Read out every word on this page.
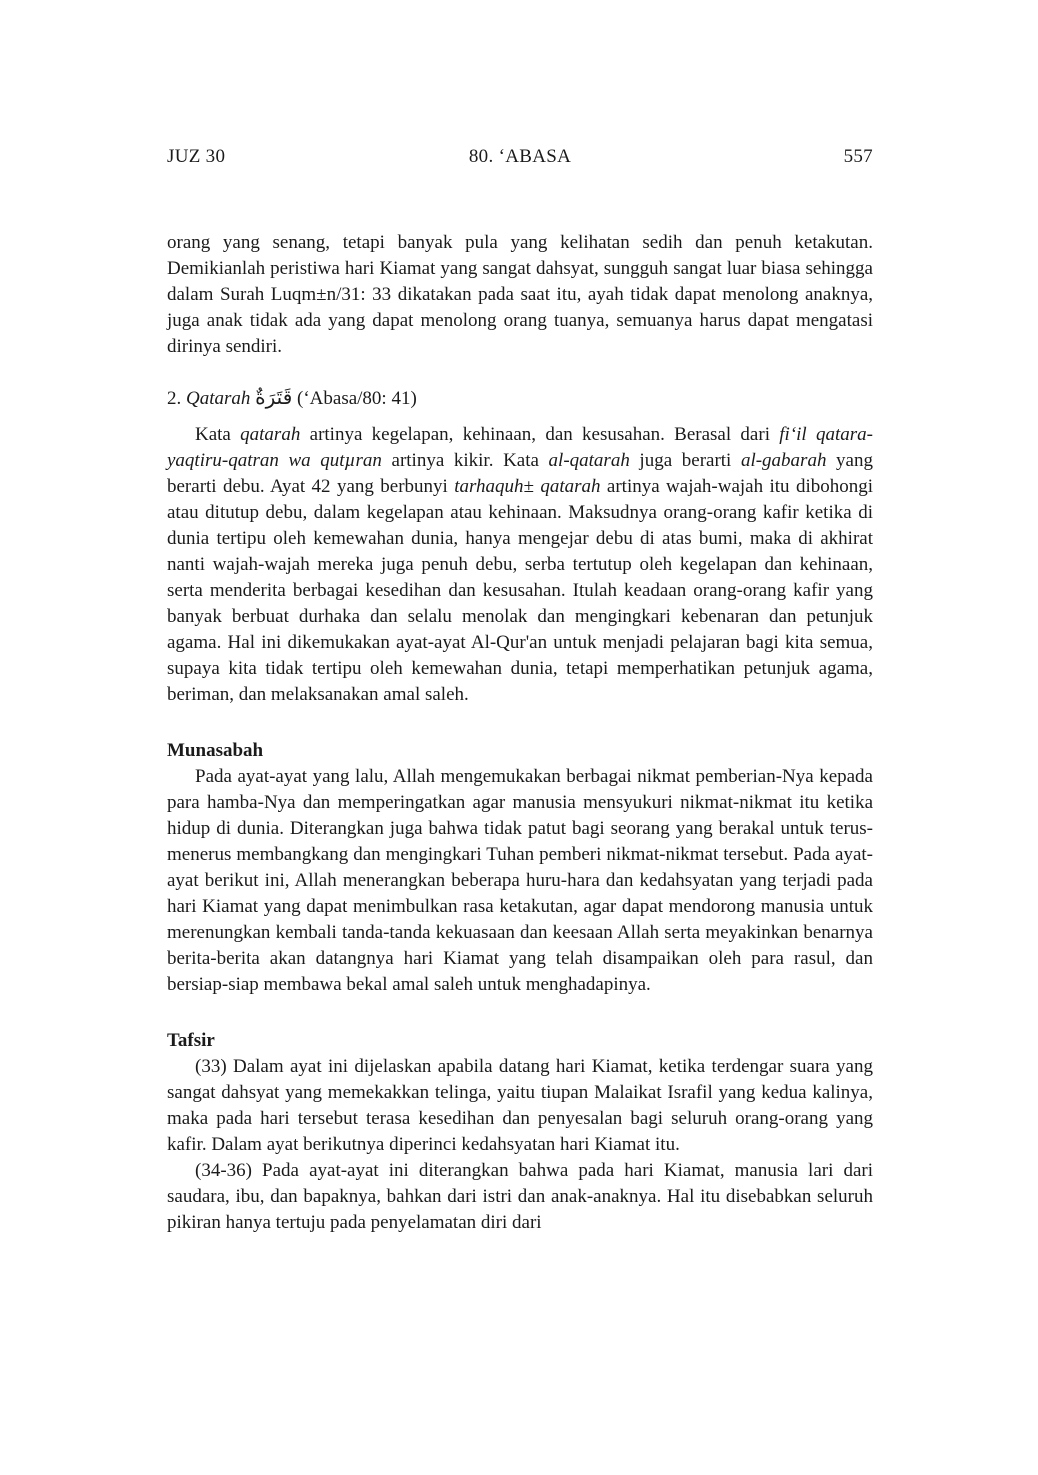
JUZ 30	80. ‘ABASA	557

orang yang senang, tetapi banyak pula yang kelihatan sedih dan penuh ketakutan. Demikianlah peristiwa hari Kiamat yang sangat dahsyat, sungguh sangat luar biasa sehingga dalam Surah Luqm±n/31: 33 dikatakan pada saat itu, ayah tidak dapat menolong anaknya, juga anak tidak ada yang dapat menolong orang tuanya, semuanya harus dapat mengatasi dirinya sendiri.

2. Qatarah قَتَرَةٌ (‘Abasa/80: 41)

Kata qatarah artinya kegelapan, kehinaan, dan kesusahan. Berasal dari fi‘il qatara-yaqtiru-qatran wa qutµran artinya kikir. Kata al-qatarah juga berarti al-gabarah yang berarti debu. Ayat 42 yang berbunyi tarhaquh± qatarah artinya wajah-wajah itu dibohongi atau ditutup debu, dalam kegelapan atau kehinaan. Maksudnya orang-orang kafir ketika di dunia tertipu oleh kemewahan dunia, hanya mengejar debu di atas bumi, maka di akhirat nanti wajah-wajah mereka juga penuh debu, serba tertutup oleh kegelapan dan kehinaan, serta menderita berbagai kesedihan dan kesusahan. Itulah keadaan orang-orang kafir yang banyak berbuat durhaka dan selalu menolak dan mengingkari kebenaran dan petunjuk agama. Hal ini dikemukakan ayat-ayat Al-Qur'an untuk menjadi pelajaran bagi kita semua, supaya kita tidak tertipu oleh kemewahan dunia, tetapi memperhatikan petunjuk agama, beriman, dan melaksanakan amal saleh.

Munasabah

Pada ayat-ayat yang lalu, Allah mengemukakan berbagai nikmat pemberian-Nya kepada para hamba-Nya dan memperingatkan agar manusia mensyukuri nikmat-nikmat itu ketika hidup di dunia. Diterangkan juga bahwa tidak patut bagi seorang yang berakal untuk terus-menerus membangkang dan mengingkari Tuhan pemberi nikmat-nikmat tersebut. Pada ayat-ayat berikut ini, Allah menerangkan beberapa huru-hara dan kedahsyatan yang terjadi pada hari Kiamat yang dapat menimbulkan rasa ketakutan, agar dapat mendorong manusia untuk merenungkan kembali tanda-tanda kekuasaan dan keesaan Allah serta meyakinkan benarnya berita-berita akan datangnya hari Kiamat yang telah disampaikan oleh para rasul, dan bersiap-siap membawa bekal amal saleh untuk menghadapinya.

Tafsir

(33) Dalam ayat ini dijelaskan apabila datang hari Kiamat, ketika terdengar suara yang sangat dahsyat yang memekakkan telinga, yaitu tiupan Malaikat Israfil yang kedua kalinya, maka pada hari tersebut terasa kesedihan dan penyesalan bagi seluruh orang-orang yang kafir. Dalam ayat berikutnya diperinci kedahsyatan hari Kiamat itu.

(34-36) Pada ayat-ayat ini diterangkan bahwa pada hari Kiamat, manusia lari dari saudara, ibu, dan bapaknya, bahkan dari istri dan anak-anaknya. Hal itu disebabkan seluruh pikiran hanya tertuju pada penyelamatan diri dari
